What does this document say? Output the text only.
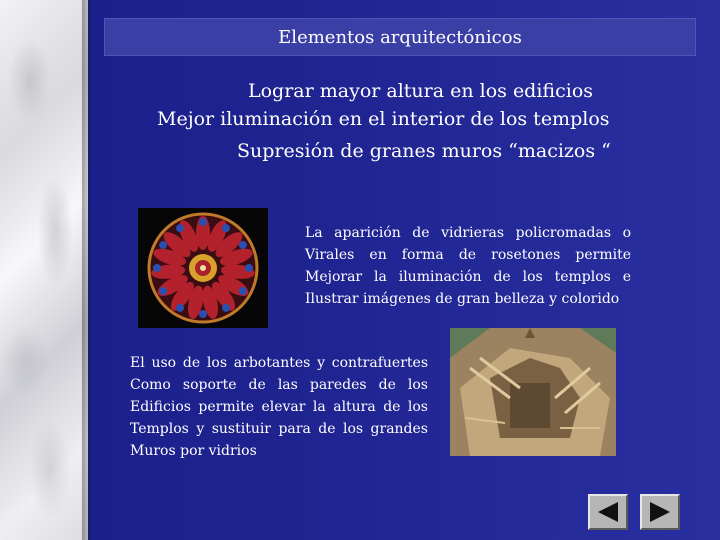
Elementos arquitectónicos
Lograr mayor altura en los edificios
Mejor iluminación en el interior de los templos
Supresión de granes muros “macizos “
La aparición de vidrieras policromadas o Virales en forma de rosetones permite Mejorar la iluminación de los templos e Ilustrar imágenes de gran belleza y colorido
El uso de los arbotantes y contrafuertes Como soporte de las paredes de los Edificios permite elevar la altura de los Templos y sustituir para de los grandes Muros por vidrios
